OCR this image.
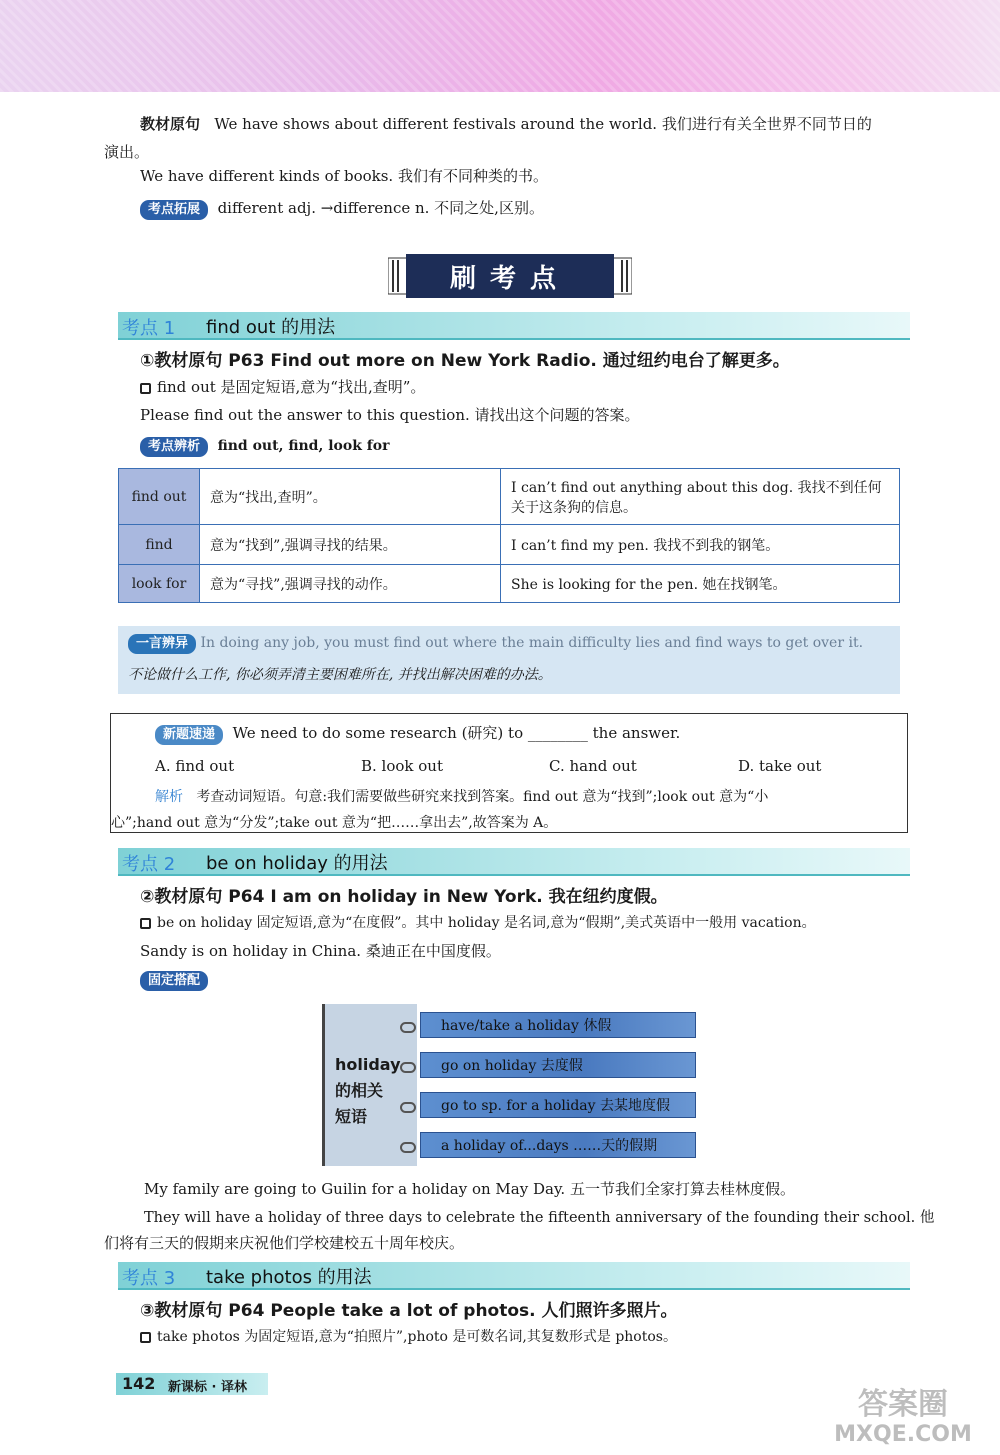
教材原句 We have shows about different festivals around the world. 我们进行有关全世界不同节日的
演出。
We have different kinds of books. 我们有不同种类的书。
考点拓展 different adj. →difference n. 不同之处,区别。
刷考点
考点 1 find out 的用法
①教材原句 P63 Find out more on New York Radio. 通过纽约电台了解更多。
find out 是固定短语,意为“找出,查明”。
Please find out the answer to this question. 请找出这个问题的答案。
考点辨析 find out, find, look for
find out	意为“找出,查明”。	I can’t find out anything about this dog. 我找不到任何关于这条狗的信息。
find	意为“找到”,强调寻找的结果。	I can’t find my pen. 我找不到我的钢笔。
look for	意为“寻找”,强调寻找的动作。	She is looking for the pen. 她在找钢笔。
一言辨异 In doing any job, you must find out where the main difficulty lies and find ways to get over it.
不论做什么工作, 你必须弄清主要困难所在, 并找出解决困难的办法。
新题速递 We need to do some research (研究) to ________ the answer.
A. find out	B. look out	C. hand out	D. take out
解析 考查动词短语。句意:我们需要做些研究来找到答案。find out 意为“找到”;look out 意为“小
心”;hand out 意为“分发”;take out 意为“把……拿出去”,故答案为 A。
考点 2 be on holiday 的用法
②教材原句 P64 I am on holiday in New York. 我在纽约度假。
be on holiday 固定短语,意为“在度假”。其中 holiday 是名词,意为“假期”,美式英语中一般用 vacation。
Sandy is on holiday in China. 桑迪正在中国度假。
固定搭配
holiday
的相关
短语
have/take a holiday 休假
go on holiday 去度假
go to sp. for a holiday 去某地度假
a holiday of...days ……天的假期
My family are going to Guilin for a holiday on May Day. 五一节我们全家打算去桂林度假。
They will have a holiday of three days to celebrate the fifteenth anniversary of the founding their school. 他
们将有三天的假期来庆祝他们学校建校五十周年校庆。
考点 3 take photos 的用法
③教材原句 P64 People take a lot of photos. 人们照许多照片。
take photos 为固定短语,意为“拍照片”,photo 是可数名词,其复数形式是 photos。
142 新课标 · 译林	答案圈
MXQE.COM
